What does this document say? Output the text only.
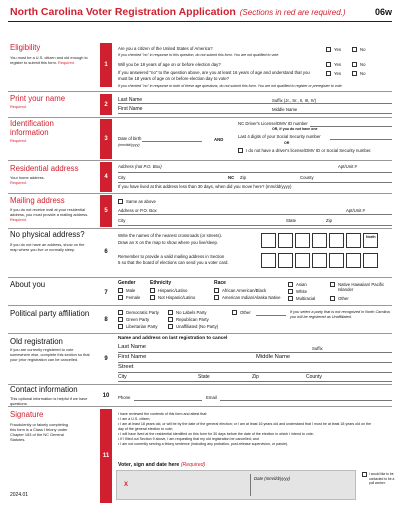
North Carolina Voter Registration Application (Sections in red are required.)	06w
Eligibility
You must be a U.S. citizen and old enough to register to submit this form. Required.	1
Are you a citizen of the United States of America?
If you checked "no" in response to this question, do not submit this form. You are not qualified to vote.
Yes	No
Will you be 18 years of age on or before election day?	Yes	No
If you answered "no" to the question above, are you at least 16 years of age and understand that you must be 18 years of age on or before election day to vote?
Yes	No
If you checked "no" in response to both of these age questions, do not submit this form. You are not qualified to register or preregister to vote.
Print your name
Required.	2
Last Name	Suffix (Jr., Sr., II, III, IV)
First Name	Middle Name
Identification information
Required.	3	Date of birth
(mm/dd/yyyy)
AND
NC Driver's License/DMV ID number
OR, if you do not have one
Last 4 digits of your Social Security number
OR
I do not have a driver's license/DMV ID or Social Security number.
Residential address
Your home address.
Required.
4
Address (not P.O. Box)	Apt/Unit #
City	NC Zip	County
If you have lived at this address less than 30 days, when did you move here? (mm/dd/yyyy)
Mailing address
If you do not receive mail at your residential address, you must provide a mailing address. Required.
5
Same as above
Address or P.O. Box	Apt/Unit #
City	State	Zip
No physical address?
If you do not have an address, show on the map where you live or normally sleep.	6
Write the names of the nearest crossroads (or streets).
Draw an X on the map to show where you live/sleep.
Remember to provide a valid mailing address in Section
5 so that the board of elections can send you a voter card.
North
About you
7
Gender
Male
Female
Ethnicity
Hispanic/Latino
Not Hispanic/Latino
Race
African American/Black
American Indian/Alaska Native
Asian
White
Multiracial
Native Hawaiian/ Pacific Islander
Other
Political party affiliation
8
Democratic Party
Green Party
Libertarian Party
No Labels Party
Republican Party
Unaffiliated (No Party)
Other	If you select a party that is not recognized in North Carolina, you will be registered as Unaffiliated.
Old registration
If you are currently registered to vote somewhere else, complete this section so that your prior registration can be cancelled.	9
Name and address on last registration to cancel
Last Name	Suffix
First Name	Middle Name
Street
City	State	Zip	County
Contact information
This optional information is helpful if we have questions.
10	Phone	Email
Signature
Fraudulently or falsely completing this form is a Class I felony under Chapter 163 of the NC General Statutes.
11
I have reviewed the contents of this form and attest that:
• I am a U.S. citizen;
• I am at least 18 years old, or will be by the date of the general election; or I am at least 16 years old and understand that I must be at least 18 years old on the
day of the general election to vote;
• I will have lived at the residential identified on this form for 30 days before the date of the election in which I intend to vote;
• If I filled out Section 9 above, I am requesting that my old registration be cancelled; and
• I am not currently serving a felony sentence (including any probation, post-release supervision, or parole).
Voter, sign and date here (Required)
X
Date (mm/dd/yyyy)
I would like to be contacted to be a poll worker.
2024.01
